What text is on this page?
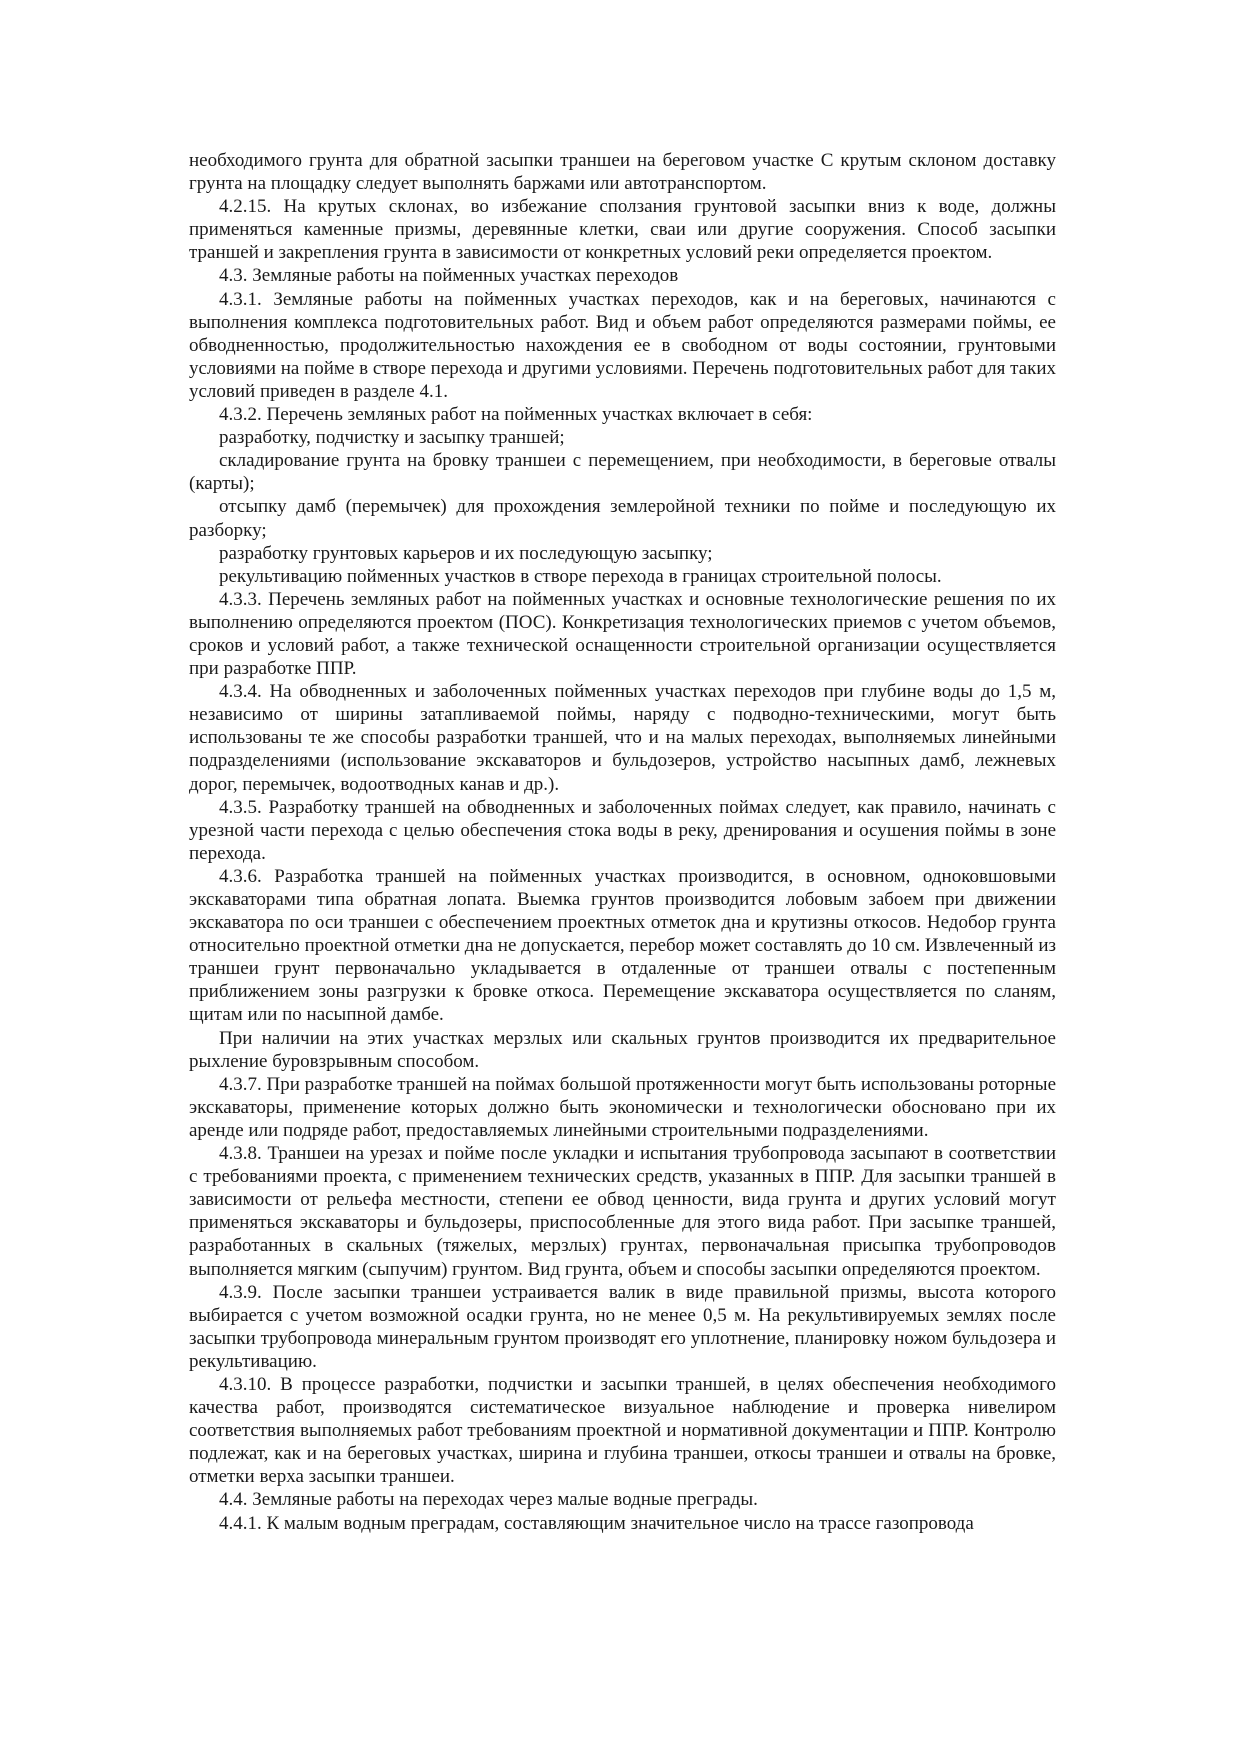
необходимого грунта для обратной засыпки траншеи на береговом участке С крутым склоном доставку грунта на площадку следует выполнять баржами или автотранспортом.

4.2.15. На крутых склонах, во избежание сползания грунтовой засыпки вниз к воде, должны применяться каменные призмы, деревянные клетки, сваи или другие сооружения. Способ засыпки траншей и закрепления грунта в зависимости от конкретных условий реки определяется проектом.

4.3. Земляные работы на пойменных участках переходов

4.3.1. Земляные работы на пойменных участках переходов, как и на береговых, начинаются с выполнения комплекса подготовительных работ. Вид и объем работ определяются размерами поймы, ее обводненностью, продолжительностью нахождения ее в свободном от воды состоянии, грунтовыми условиями на пойме в створе перехода и другими условиями. Перечень подготовительных работ для таких условий приведен в разделе 4.1.

4.3.2. Перечень земляных работ на пойменных участках включает в себя:

разработку, подчистку и засыпку траншей;

складирование грунта на бровку траншеи с перемещением, при необходимости, в береговые отвалы (карты);

отсыпку дамб (перемычек) для прохождения землеройной техники по пойме и последующую их разборку;

разработку грунтовых карьеров и их последующую засыпку;

рекультивацию пойменных участков в створе перехода в границах строительной полосы.

4.3.3. Перечень земляных работ на пойменных участках и основные технологические решения по их выполнению определяются проектом (ПОС). Конкретизация технологических приемов с учетом объемов, сроков и условий работ, а также технической оснащенности строительной организации осуществляется при разработке ППР.

4.3.4. На обводненных и заболоченных пойменных участках переходов при глубине воды до 1,5 м, независимо от ширины затапливаемой поймы, наряду с подводно-техническими, могут быть использованы те же способы разработки траншей, что и на малых переходах, выполняемых линейными подразделениями (использование экскаваторов и бульдозеров, устройство насыпных дамб, лежневых дорог, перемычек, водоотводных канав и др.).

4.3.5. Разработку траншей на обводненных и заболоченных поймах следует, как правило, начинать с урезной части перехода с целью обеспечения стока воды в реку, дренирования и осушения поймы в зоне перехода.

4.3.6. Разработка траншей на пойменных участках производится, в основном, одноковшовыми экскаваторами типа обратная лопата. Выемка грунтов производится лобовым забоем при движении экскаватора по оси траншеи с обеспечением проектных отметок дна и крутизны откосов. Недобор грунта относительно проектной отметки дна не допускается, перебор может составлять до 10 см. Извлеченный из траншеи грунт первоначально укладывается в отдаленные от траншеи отвалы с постепенным приближением зоны разгрузки к бровке откоса. Перемещение экскаватора осуществляется по сланям, щитам или по насыпной дамбе.

При наличии на этих участках мерзлых или скальных грунтов производится их предварительное рыхление буровзрывным способом.

4.3.7. При разработке траншей на поймах большой протяженности могут быть использованы роторные экскаваторы, применение которых должно быть экономически и технологически обосновано при их аренде или подряде работ, предоставляемых линейными строительными подразделениями.

4.3.8. Траншеи на урезах и пойме после укладки и испытания трубопровода засыпают в соответствии с требованиями проекта, с применением технических средств, указанных в ППР. Для засыпки траншей в зависимости от рельефа местности, степени ее обвод ценности, вида грунта и других условий могут применяться экскаваторы и бульдозеры, приспособленные для этого вида работ. При засыпке траншей, разработанных в скальных (тяжелых, мерзлых) грунтах, первоначальная присыпка трубопроводов выполняется мягким (сыпучим) грунтом. Вид грунта, объем и способы засыпки определяются проектом.

4.3.9. После засыпки траншеи устраивается валик в виде правильной призмы, высота которого выбирается с учетом возможной осадки грунта, но не менее 0,5 м. На рекультивируемых землях после засыпки трубопровода минеральным грунтом производят его уплотнение, планировку ножом бульдозера и рекультивацию.

4.3.10. В процессе разработки, подчистки и засыпки траншей, в целях обеспечения необходимого качества работ, производятся систематическое визуальное наблюдение и проверка нивелиром соответствия выполняемых работ требованиям проектной и нормативной документации и ППР. Контролю подлежат, как и на береговых участках, ширина и глубина траншеи, откосы траншеи и отвалы на бровке, отметки верха засыпки траншеи.

4.4. Земляные работы на переходах через малые водные преграды.

4.4.1. К малым водным преградам, составляющим значительное число на трассе газопровода
